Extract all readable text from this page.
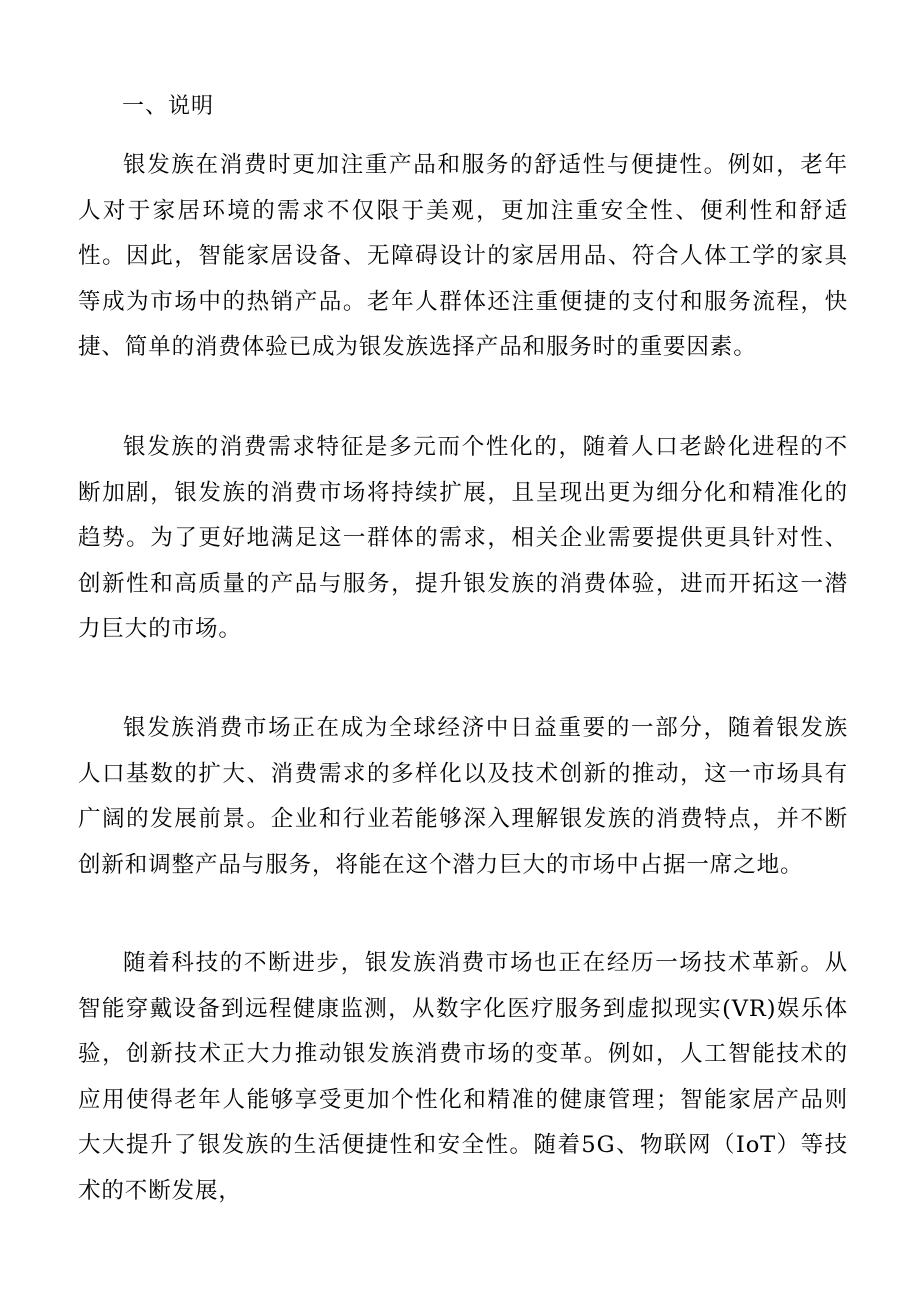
一、说明

银发族在消费时更加注重产品和服务的舒适性与便捷性。例如，老年人对于家居环境的需求不仅限于美观，更加注重安全性、便利性和舒适性。因此，智能家居设备、无障碍设计的家居用品、符合人体工学的家具等成为市场中的热销产品。老年人群体还注重便捷的支付和服务流程，快捷、简单的消费体验已成为银发族选择产品和服务时的重要因素。

银发族的消费需求特征是多元而个性化的，随着人口老龄化进程的不断加剧，银发族的消费市场将持续扩展，且呈现出更为细分化和精准化的趋势。为了更好地满足这一群体的需求，相关企业需要提供更具针对性、创新性和高质量的产品与服务，提升银发族的消费体验，进而开拓这一潜力巨大的市场。

银发族消费市场正在成为全球经济中日益重要的一部分，随着银发族人口基数的扩大、消费需求的多样化以及技术创新的推动，这一市场具有广阔的发展前景。企业和行业若能够深入理解银发族的消费特点，并不断创新和调整产品与服务，将能在这个潜力巨大的市场中占据一席之地。

随着科技的不断进步，银发族消费市场也正在经历一场技术革新。从智能穿戴设备到远程健康监测，从数字化医疗服务到虚拟现实(VR)娱乐体验，创新技术正大力推动银发族消费市场的变革。例如，人工智能技术的应用使得老年人能够享受更加个性化和精准的健康管理；智能家居产品则大大提升了银发族的生活便捷性和安全性。随着5G、物联网（IoT）等技术的不断发展，
